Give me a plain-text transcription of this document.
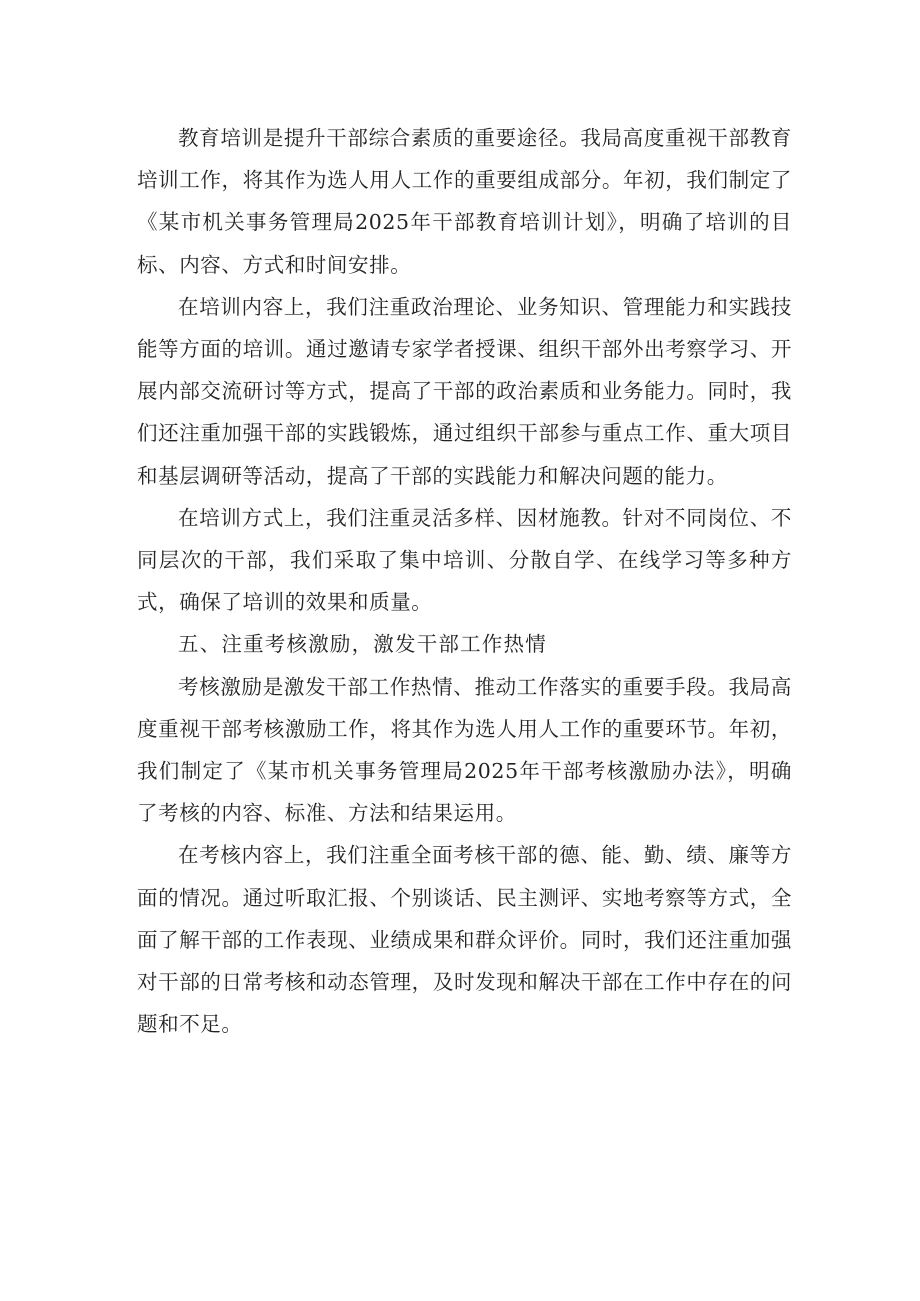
教育培训是提升干部综合素质的重要途径。我局高度重视干部教育培训工作，将其作为选人用人工作的重要组成部分。年初，我们制定了《某市机关事务管理局2025年干部教育培训计划》，明确了培训的目标、内容、方式和时间安排。

在培训内容上，我们注重政治理论、业务知识、管理能力和实践技能等方面的培训。通过邀请专家学者授课、组织干部外出考察学习、开展内部交流研讨等方式，提高了干部的政治素质和业务能力。同时，我们还注重加强干部的实践锻炼，通过组织干部参与重点工作、重大项目和基层调研等活动，提高了干部的实践能力和解决问题的能力。

在培训方式上，我们注重灵活多样、因材施教。针对不同岗位、不同层次的干部，我们采取了集中培训、分散自学、在线学习等多种方式，确保了培训的效果和质量。

五、注重考核激励，激发干部工作热情

考核激励是激发干部工作热情、推动工作落实的重要手段。我局高度重视干部考核激励工作，将其作为选人用人工作的重要环节。年初，我们制定了《某市机关事务管理局2025年干部考核激励办法》，明确了考核的内容、标准、方法和结果运用。

在考核内容上，我们注重全面考核干部的德、能、勤、绩、廉等方面的情况。通过听取汇报、个别谈话、民主测评、实地考察等方式，全面了解干部的工作表现、业绩成果和群众评价。同时，我们还注重加强对干部的日常考核和动态管理，及时发现和解决干部在工作中存在的问题和不足。
